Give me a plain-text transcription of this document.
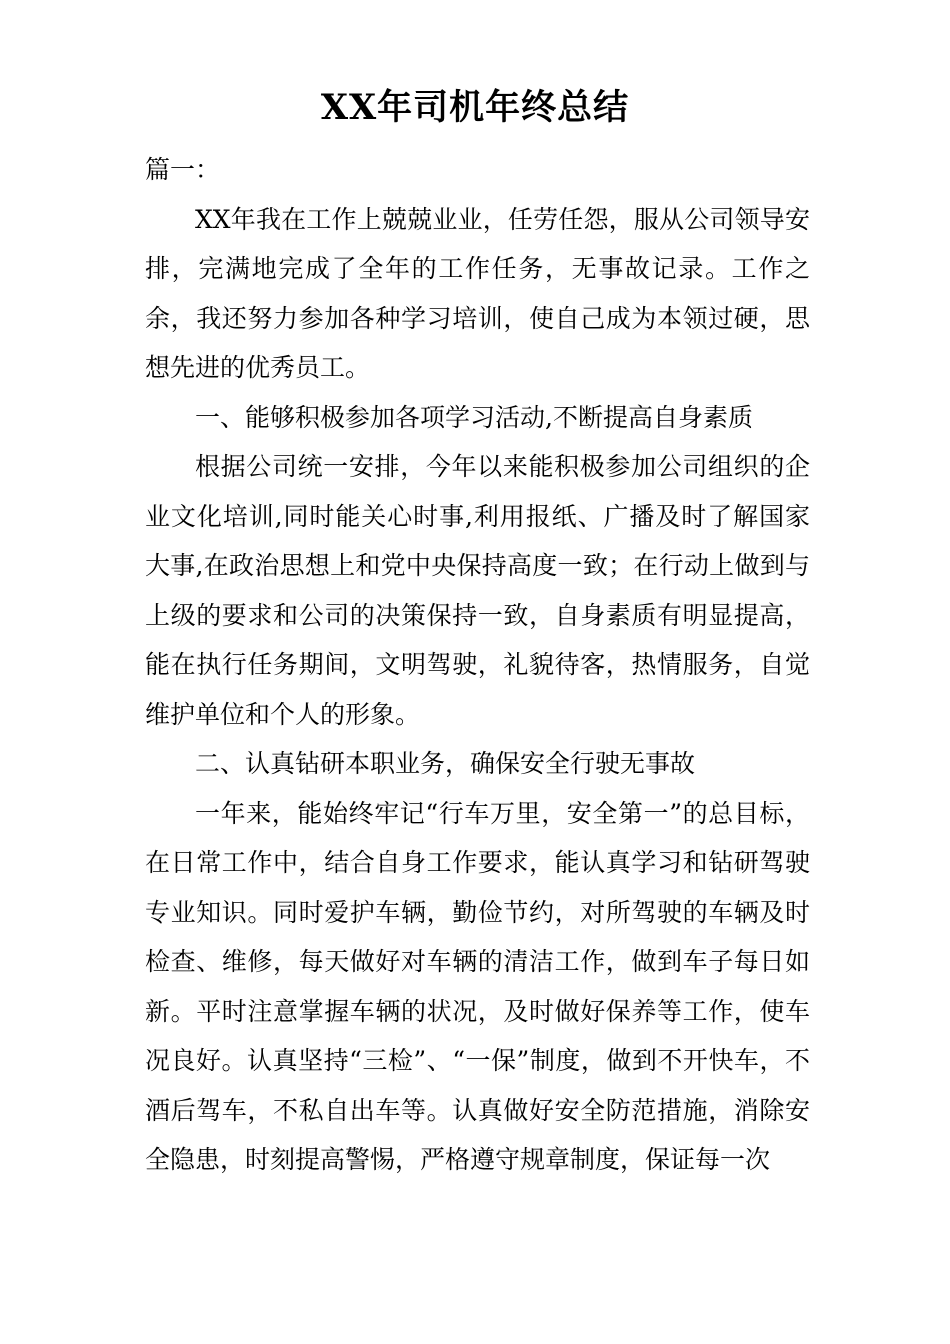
XX年司机年终总结

篇一：

XX年我在工作上兢兢业业，任劳任怨，服从公司领导安排，完满地完成了全年的工作任务，无事故记录。工作之余，我还努力参加各种学习培训，使自己成为本领过硬，思想先进的优秀员工。

一、能够积极参加各项学习活动,不断提高自身素质

根据公司统一安排，今年以来能积极参加公司组织的企业文化培训,同时能关心时事,利用报纸、广播及时了解国家大事,在政治思想上和党中央保持高度一致；在行动上做到与上级的要求和公司的决策保持一致，自身素质有明显提高，能在执行任务期间，文明驾驶，礼貌待客，热情服务，自觉维护单位和个人的形象。

二、认真钻研本职业务，确保安全行驶无事故

一年来，能始终牢记“行车万里，安全第一”的总目标，在日常工作中，结合自身工作要求，能认真学习和钻研驾驶专业知识。同时爱护车辆，勤俭节约，对所驾驶的车辆及时检查、维修，每天做好对车辆的清洁工作，做到车子每日如新。平时注意掌握车辆的状况，及时做好保养等工作，使车况良好。认真坚持“三检”、“一保”制度，做到不开快车，不酒后驾车，不私自出车等。认真做好安全防范措施，消除安全隐患，时刻提高警惕，严格遵守规章制度，保证每一次
